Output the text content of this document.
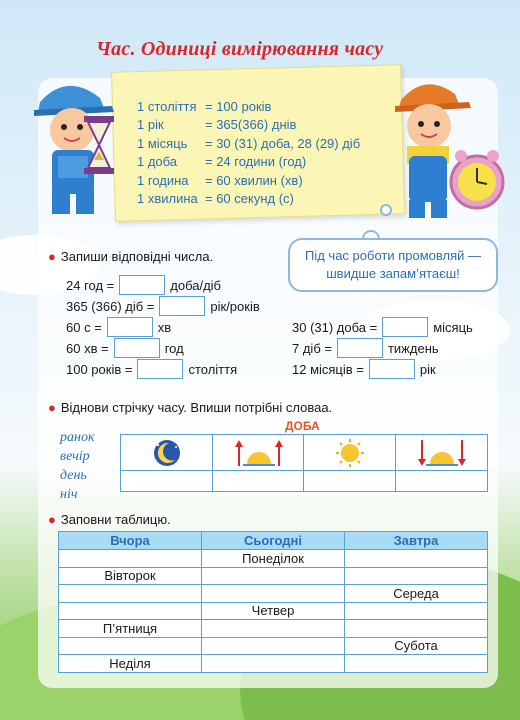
Час. Одиниці вимірювання часу
1 століття = 100 років
1 рік	= 365(366) днів
1 місяць	= 30 (31) доба, 28 (29) діб
1 доба	= 24 години (год)
1 година	= 60 хвилин (хв)
1 хвилина = 60 секунд (с)
Під час роботи промовляй —
швидше запам’ятаєш!
● Запиши відповідні числа.
24 год =	доба/діб
365 (366) діб =	рік/років
60 с =	хв
60 хв =	год
100 років =	століття
30 (31) доба =	місяць
7 діб =	тиждень
12 місяців =	рік
● Віднови стрічку часу. Впиши потрібні словаа.
ранок
вечір
день
ніч
ДОБА
● Заповни таблицю.
Вчора	Сьогодні	Завтра
	Понеділок	
Вівторок		
		Середа
	Четвер	
П’ятниця		
		Субота
Неділя		
